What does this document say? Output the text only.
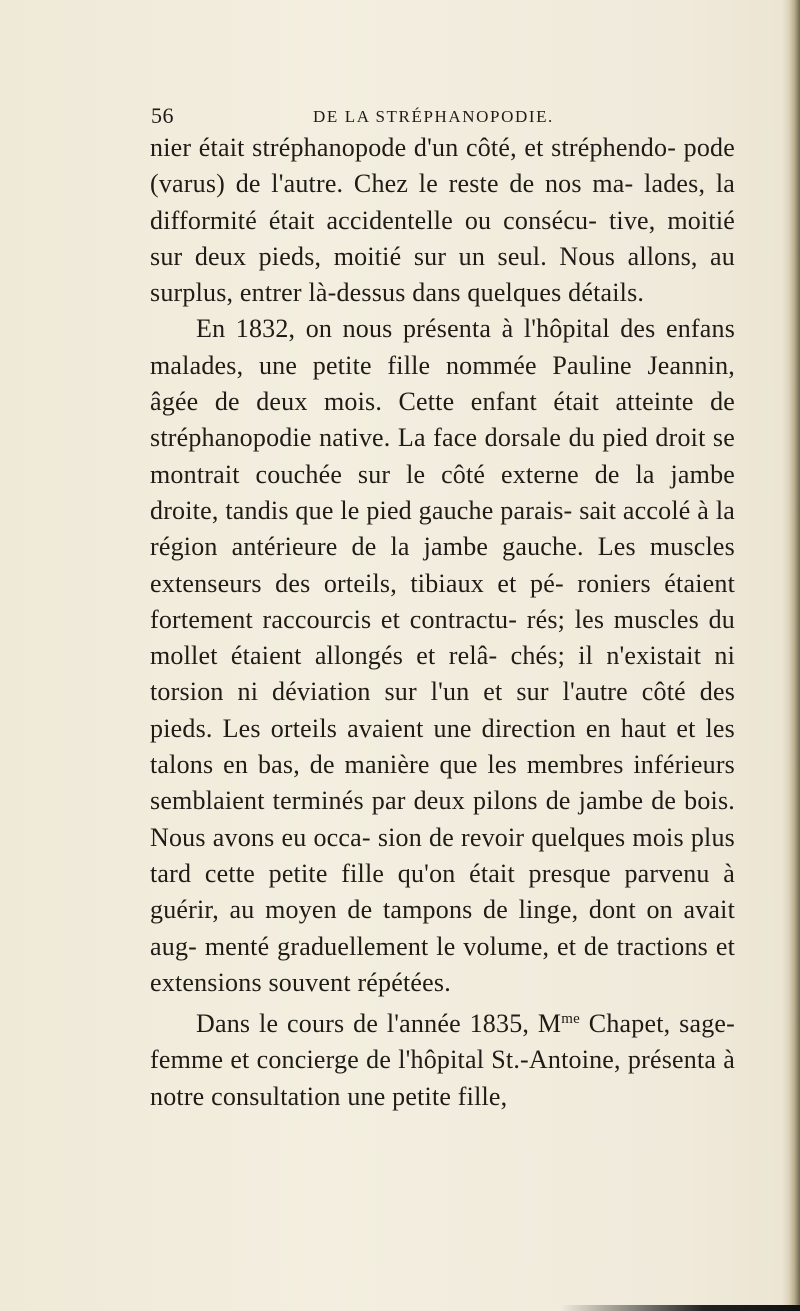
56	DE LA STRÉPHANOPODIE.

nier était stréphanopode d'un côté, et stréphendo- pode (varus) de l'autre. Chez le reste de nos ma- lades, la difformité était accidentelle ou consécu- tive, moitié sur deux pieds, moitié sur un seul. Nous allons, au surplus, entrer là-dessus dans quelques détails.

En 1832, on nous présenta à l'hôpital des enfans malades, une petite fille nommée Pauline Jeannin, âgée de deux mois. Cette enfant était atteinte de stréphanopodie native. La face dorsale du pied droit se montrait couchée sur le côté externe de la jambe droite, tandis que le pied gauche parais- sait accolé à la région antérieure de la jambe gauche. Les muscles extenseurs des orteils, tibiaux et pé- roniers étaient fortement raccourcis et contractu- rés; les muscles du mollet étaient allongés et relâ- chés; il n'existait ni torsion ni déviation sur l'un et sur l'autre côté des pieds. Les orteils avaient une direction en haut et les talons en bas, de manière que les membres inférieurs semblaient terminés par deux pilons de jambe de bois. Nous avons eu occa- sion de revoir quelques mois plus tard cette petite fille qu'on était presque parvenu à guérir, au moyen de tampons de linge, dont on avait aug- menté graduellement le volume, et de tractions et extensions souvent répétées.

Dans le cours de l'année 1835, $M^{me}$ Chapet, sage-femme et concierge de l'hôpital St.-Antoine, présenta à notre consultation une petite fille,
